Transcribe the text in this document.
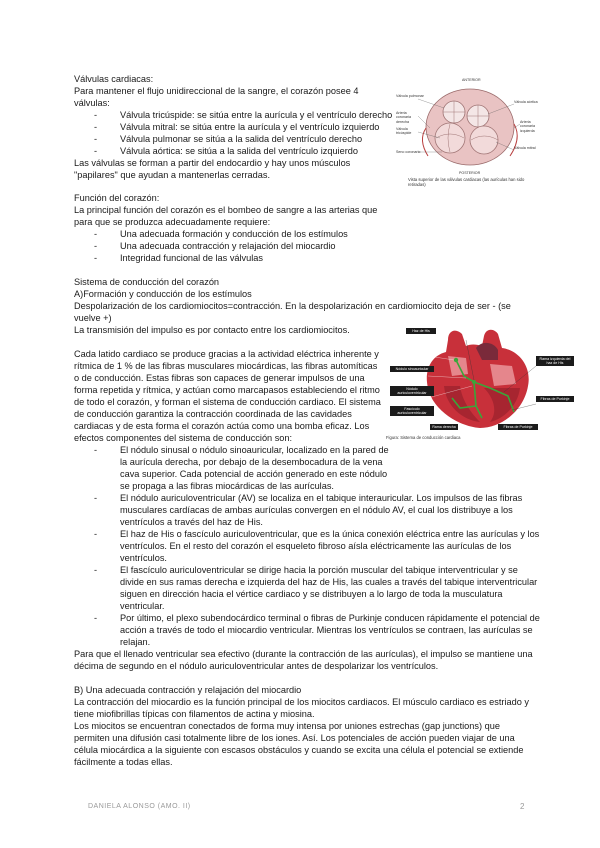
Válvulas cardiacas:
Para mantener el flujo unidireccional de la sangre, el corazón posee 4
válvulas:
- Válvula tricúspide: se sitúa entre la aurícula y el ventrículo derecho
- Válvula mitral: se sitúa entre la aurícula y el ventrículo izquierdo
- Válvula pulmonar se sitúa a la salida del ventrículo derecho
- Válvula aórtica: se sitúa a la salida del ventrículo izquierdo
Las válvulas se forman a partir del endocardio y hay unos músculos
"papilares" que ayudan a mantenerlas cerradas.
ANTERIOR
Válvula pulmonar
Arteria coronaria derecha
Válvula tricúspide
Seno coronario
Válvula aórtica
Arteria coronaria izquierda
Válvula mitral
POSTERIOR
Vista superior de las válvulas cardiacas (las aurículas han sido retiradas)
Función del corazón:
La principal función del corazón es el bombeo de sangre a las arterias que
para que se produzca adecuadamente requiere:
- Una adecuada formación y conducción de los estímulos
- Una adecuada contracción y relajación del miocardio
- Integridad funcional de las válvulas
Sistema de conducción del corazón
A)Formación y conducción de los estímulos
Despolarización de los cardiomiocitos=contracción. En la despolarización en cardiomiocito deja de ser - (se
vuelve +)
La transmisión del impulso es por contacto entre los cardiomiocitos.
Cada latido cardiaco se produce gracias a la actividad eléctrica inherente y
rítmica de 1 % de las fibras musculares miocárdicas, las fibras automíticas
o de conducción. Estas fibras son capaces de generar impulsos de una
forma repetida y rítmica, y actúan como marcapasos estableciendo el ritmo
de todo el corazón, y forman el sistema de conducción cardiaco. El sistema
de conducción garantiza la contracción coordinada de las cavidades
cardiacas y de esta forma el corazón actúa como una bomba eficaz. Los
efectos componentes del sistema de conducción son:
Haz de His
Nódulo sinoauricular
Nódulo auriculoventricular
Fascículo auriculoventricular
Rama izquierda del haz de His
Fibras de Purkinje
Rama derecha	Fibras de Purkinje
Figura: Sistema de conducción cardiaca
- El nódulo sinusal o nódulo sinoauricular, localizado en la pared de
la aurícula derecha, por debajo de la desembocadura de la vena
cava superior. Cada potencial de acción generado en este nódulo
se propaga a las fibras miocárdicas de las aurículas.
- El nódulo auriculoventricular (AV) se localiza en el tabique interauricular. Los impulsos de las fibras
musculares cardíacas de ambas aurículas convergen en el nódulo AV, el cual los distribuye a los
ventrículos a través del haz de His.
- El haz de His o fascículo auriculoventricular, que es la única conexión eléctrica entre las aurículas y los
ventrículos. En el resto del corazón el esqueleto fibroso aísla eléctricamente las aurículas de los
ventrículos.
- El fascículo auriculoventricular se dirige hacia la porción muscular del tabique interventricular y se
divide en sus ramas derecha e izquierda del haz de His, las cuales a través del tabique interventricular
siguen en dirección hacia el vértice cardiaco y se distribuyen a lo largo de toda la musculatura
ventricular.
- Por último, el plexo subendocárdico terminal o fibras de Purkinje conducen rápidamente el potencial de
acción a través de todo el miocardio ventricular. Mientras los ventrículos se contraen, las aurículas se
relajan.
Para que el llenado ventricular sea efectivo (durante la contracción de las aurículas), el impulso se mantiene una
décima de segundo en el nódulo auriculoventricular antes de despolarizar los ventrículos.
B) Una adecuada contracción y relajación del miocardio
La contracción del miocardio es la función principal de los miocitos cardiacos. El músculo cardiaco es estriado y
tiene miofibrillas típicas con filamentos de actina y miosina.
Los miocitos se encuentran conectados de forma muy intensa por uniones estrechas (gap junctions) que
permiten una difusión casi totalmente libre de los iones. Así. Los potenciales de acción pueden viajar de una
célula miocárdica a la siguiente con escasos obstáculos y cuando se excita una célula el potencial se extiende
fácilmente a todas ellas.
DANIELA ALONSO (AMO. II)	2
